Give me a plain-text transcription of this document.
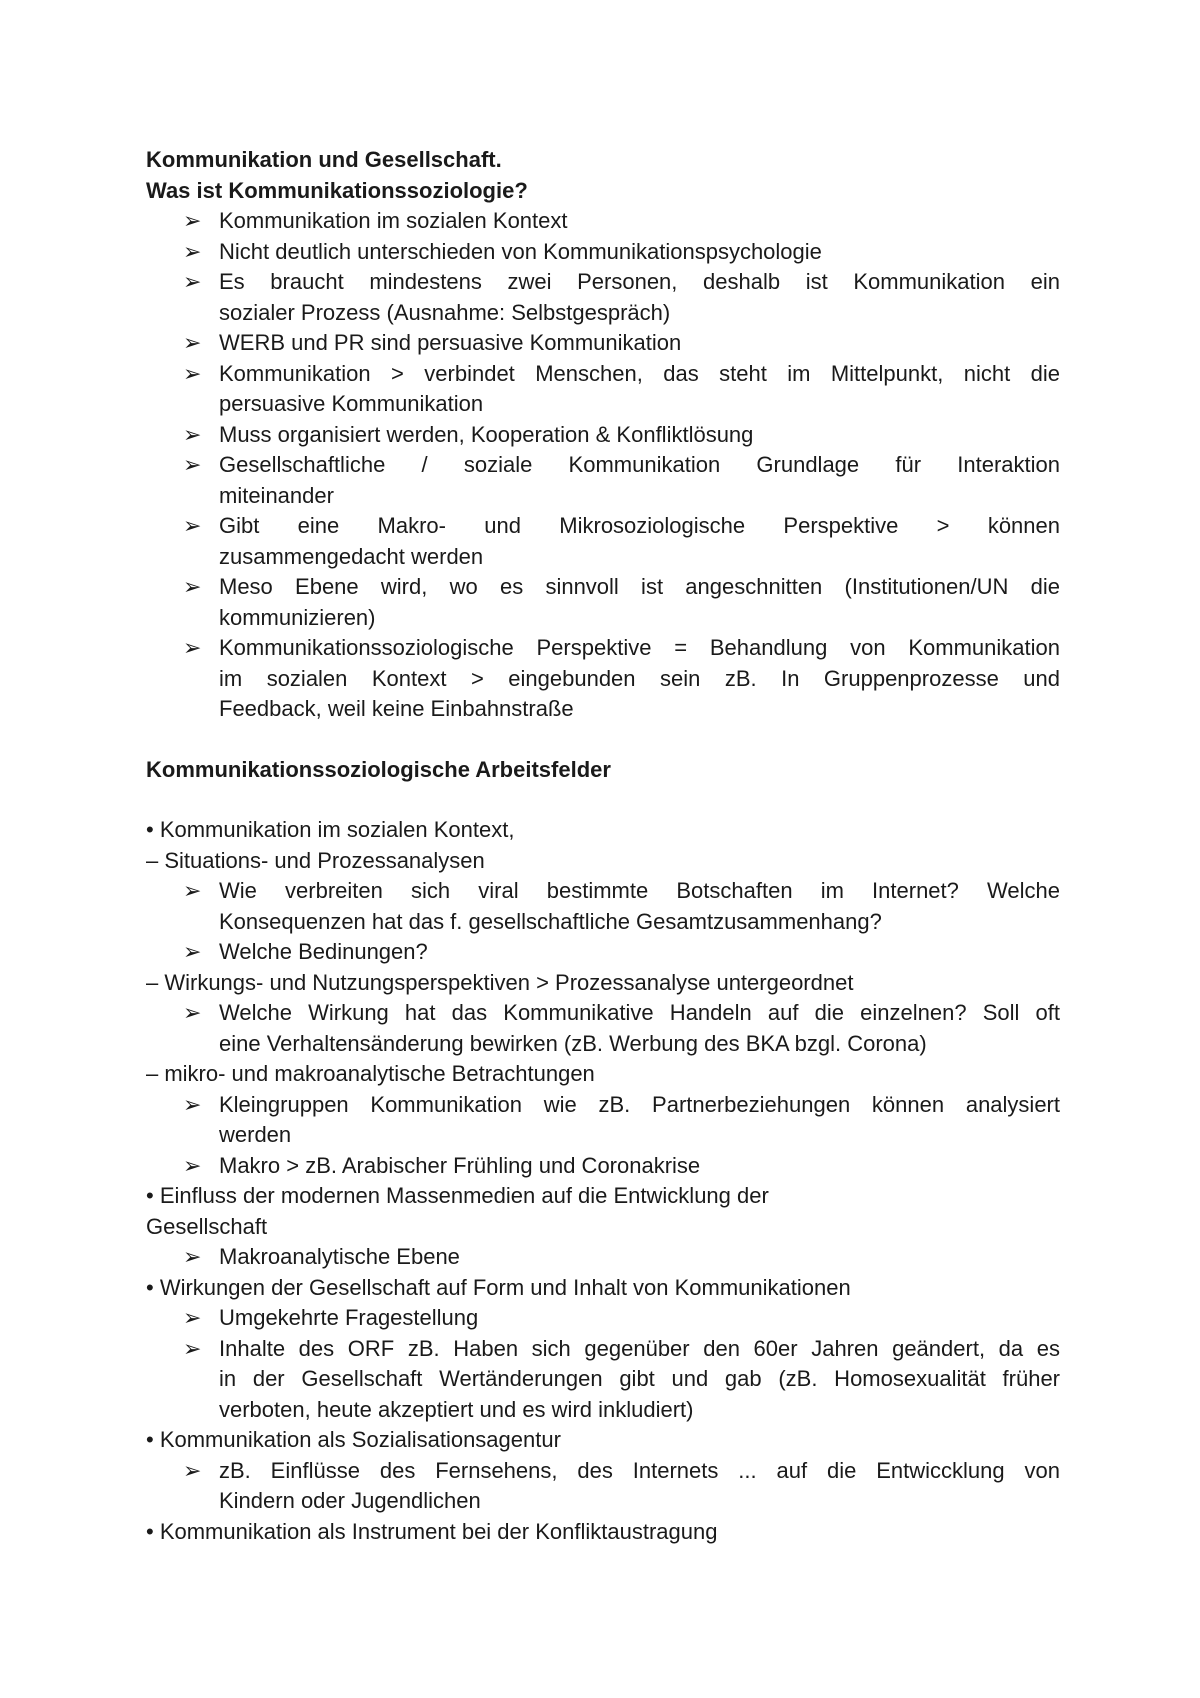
Kommunikation und Gesellschaft.
Was ist Kommunikationssoziologie?
➢ Kommunikation im sozialen Kontext
➢ Nicht deutlich unterschieden von Kommunikationspsychologie
➢ Es braucht mindestens zwei Personen, deshalb ist Kommunikation ein
sozialer Prozess (Ausnahme: Selbstgespräch)
➢ WERB und PR sind persuasive Kommunikation
➢ Kommunikation > verbindet Menschen, das steht im Mittelpunkt, nicht die
persuasive Kommunikation
➢ Muss organisiert werden, Kooperation & Konfliktlösung
➢ Gesellschaftliche / soziale Kommunikation Grundlage für Interaktion
miteinander
➢ Gibt eine Makro- und Mikrosoziologische Perspektive > können
zusammengedacht werden
➢ Meso Ebene wird, wo es sinnvoll ist angeschnitten (Institutionen/UN die
kommunizieren)
➢ Kommunikationssoziologische Perspektive = Behandlung von Kommunikation
im sozialen Kontext > eingebunden sein zB. In Gruppenprozesse und
Feedback, weil keine Einbahnstraße
Kommunikationssoziologische Arbeitsfelder
• Kommunikation im sozialen Kontext,
– Situations- und Prozessanalysen
➢ Wie verbreiten sich viral bestimmte Botschaften im Internet? Welche
Konsequenzen hat das f. gesellschaftliche Gesamtzusammenhang?
➢ Welche Bedinungen?
– Wirkungs- und Nutzungsperspektiven > Prozessanalyse untergeordnet
➢ Welche Wirkung hat das Kommunikative Handeln auf die einzelnen? Soll oft
eine Verhaltensänderung bewirken (zB. Werbung des BKA bzgl. Corona)
– mikro- und makroanalytische Betrachtungen
➢ Kleingruppen Kommunikation wie zB. Partnerbeziehungen können analysiert
werden
➢ Makro > zB. Arabischer Frühling und Coronakrise
• Einfluss der modernen Massenmedien auf die Entwicklung der
Gesellschaft
➢ Makroanalytische Ebene
• Wirkungen der Gesellschaft auf Form und Inhalt von Kommunikationen
➢ Umgekehrte Fragestellung
➢ Inhalte des ORF zB. Haben sich gegenüber den 60er Jahren geändert, da es
in der Gesellschaft Wertänderungen gibt und gab (zB. Homosexualität früher
verboten, heute akzeptiert und es wird inkludiert)
• Kommunikation als Sozialisationsagentur
➢ zB. Einflüsse des Fernsehens, des Internets ... auf die Entwiccklung von
Kindern oder Jugendlichen
• Kommunikation als Instrument bei der Konfliktaustragung
